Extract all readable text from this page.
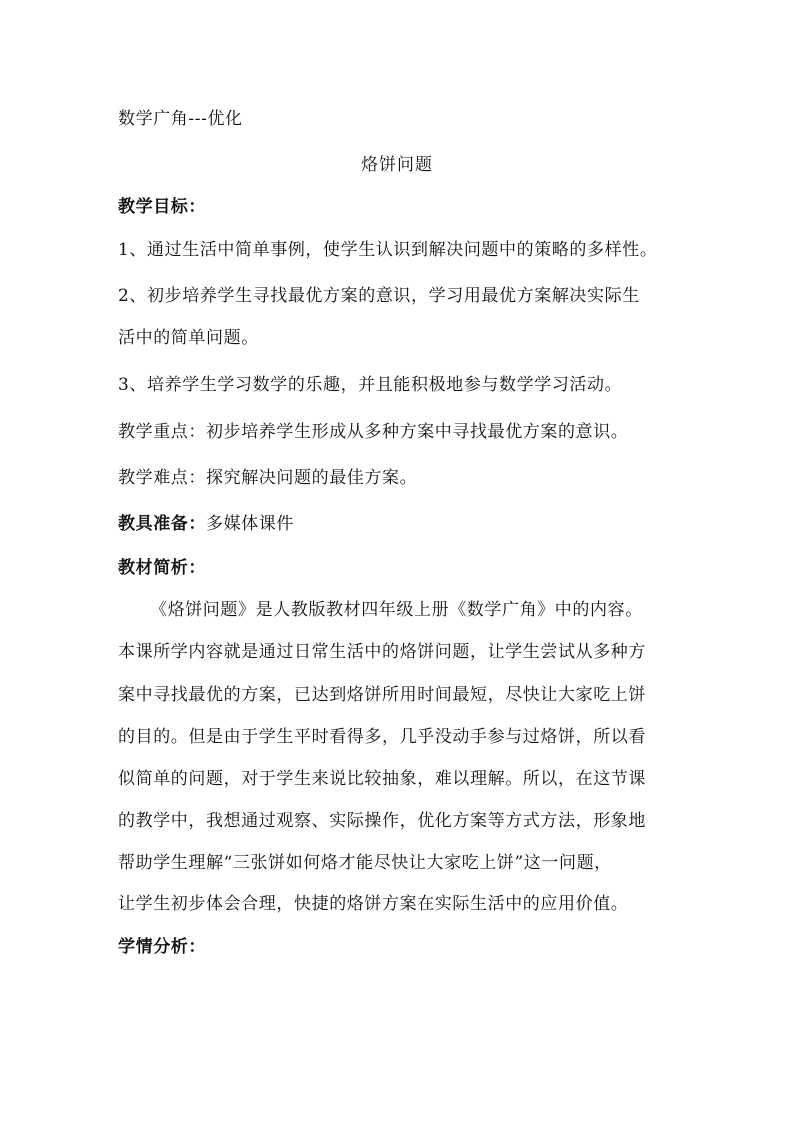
数学广角---优化
烙饼问题
教学目标：
1、通过生活中简单事例，使学生认识到解决问题中的策略的多样性。
2、初步培养学生寻找最优方案的意识，学习用最优方案解决实际生
活中的简单问题。
3、培养学生学习数学的乐趣，并且能积极地参与数学学习活动。
教学重点：初步培养学生形成从多种方案中寻找最优方案的意识。
教学难点：探究解决问题的最佳方案。
教具准备：多媒体课件
教材简析：
《烙饼问题》是人教版教材四年级上册《数学广角》中的内容。
本课所学内容就是通过日常生活中的烙饼问题，让学生尝试从多种方
案中寻找最优的方案，已达到烙饼所用时间最短，尽快让大家吃上饼
的目的。但是由于学生平时看得多，几乎没动手参与过烙饼，所以看
似简单的问题，对于学生来说比较抽象，难以理解。所以，在这节课
的教学中，我想通过观察、实际操作，优化方案等方式方法，形象地
帮助学生理解“三张饼如何烙才能尽快让大家吃上饼”这一问题，
让学生初步体会合理，快捷的烙饼方案在实际生活中的应用价值。
学情分析：
